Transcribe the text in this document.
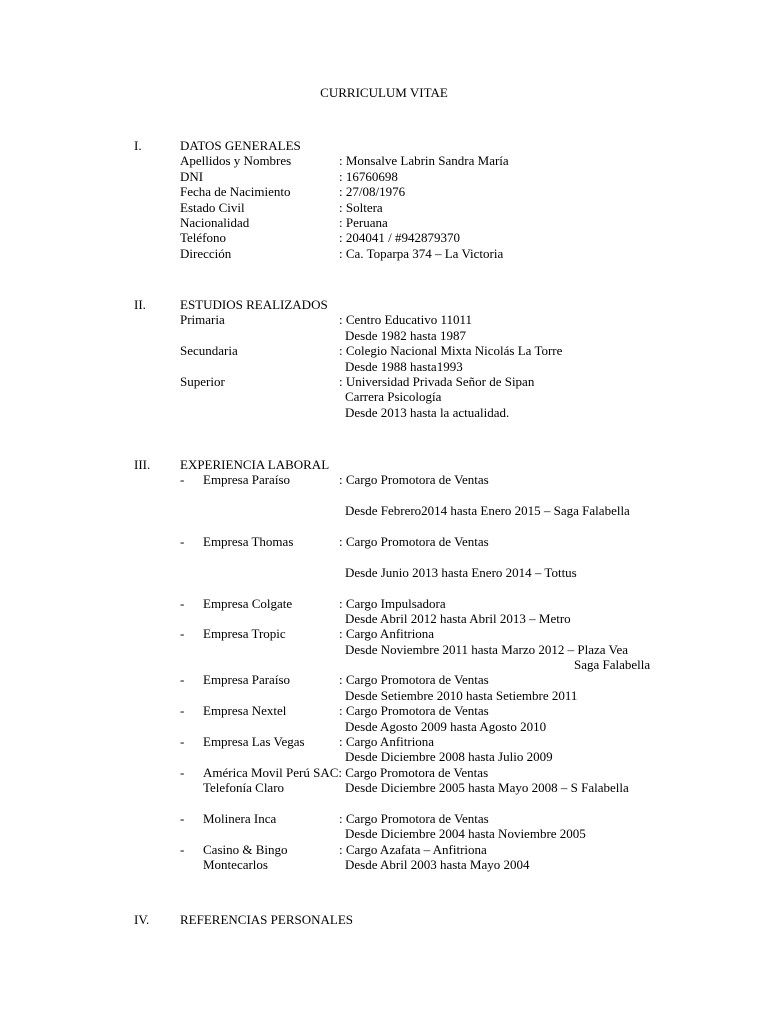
CURRICULUM VITAE
I.	DATOS GENERALES
Apellidos y Nombres	: Monsalve Labrin Sandra María
DNI	: 16760698
Fecha de Nacimiento	: 27/08/1976
Estado Civil	: Soltera
Nacionalidad	: Peruana
Teléfono	: 204041 / #942879370
Dirección	: Ca. Toparpa 374 – La Victoria
II.	ESTUDIOS REALIZADOS
Primaria	: Centro Educativo 11011
Desde 1982 hasta 1987
Secundaria	: Colegio Nacional Mixta Nicolás La Torre
Desde 1988 hasta1993
Superior	: Universidad Privada Señor de Sipan
Carrera Psicología
Desde 2013 hasta la actualidad.
III. EXPERIENCIA LABORAL
- Empresa Paraíso	: Cargo Promotora de Ventas
Desde Febrero2014 hasta Enero 2015 – Saga Falabella
- Empresa Thomas	: Cargo Promotora de Ventas
Desde Junio 2013 hasta Enero 2014 – Tottus
- Empresa Colgate	: Cargo Impulsadora
Desde Abril 2012 hasta Abril 2013 – Metro
- Empresa Tropic	: Cargo Anfitriona
Desde Noviembre 2011 hasta Marzo 2012 – Plaza Vea
Saga Falabella
- Empresa Paraíso	: Cargo Promotora de Ventas
Desde Setiembre 2010 hasta Setiembre 2011
- Empresa Nextel	: Cargo Promotora de Ventas
Desde Agosto 2009 hasta Agosto 2010
- Empresa Las Vegas	: Cargo Anfitriona
Desde Diciembre 2008 hasta Julio 2009
- América Movil Perú SAC: Cargo Promotora de Ventas
Telefonía Claro	Desde Diciembre 2005 hasta Mayo 2008 – S Falabella
- Molinera Inca	: Cargo Promotora de Ventas
Desde Diciembre 2004 hasta Noviembre 2005
- Casino & Bingo	: Cargo Azafata – Anfitriona
Montecarlos	Desde Abril 2003 hasta Mayo 2004
IV. REFERENCIAS PERSONALES
